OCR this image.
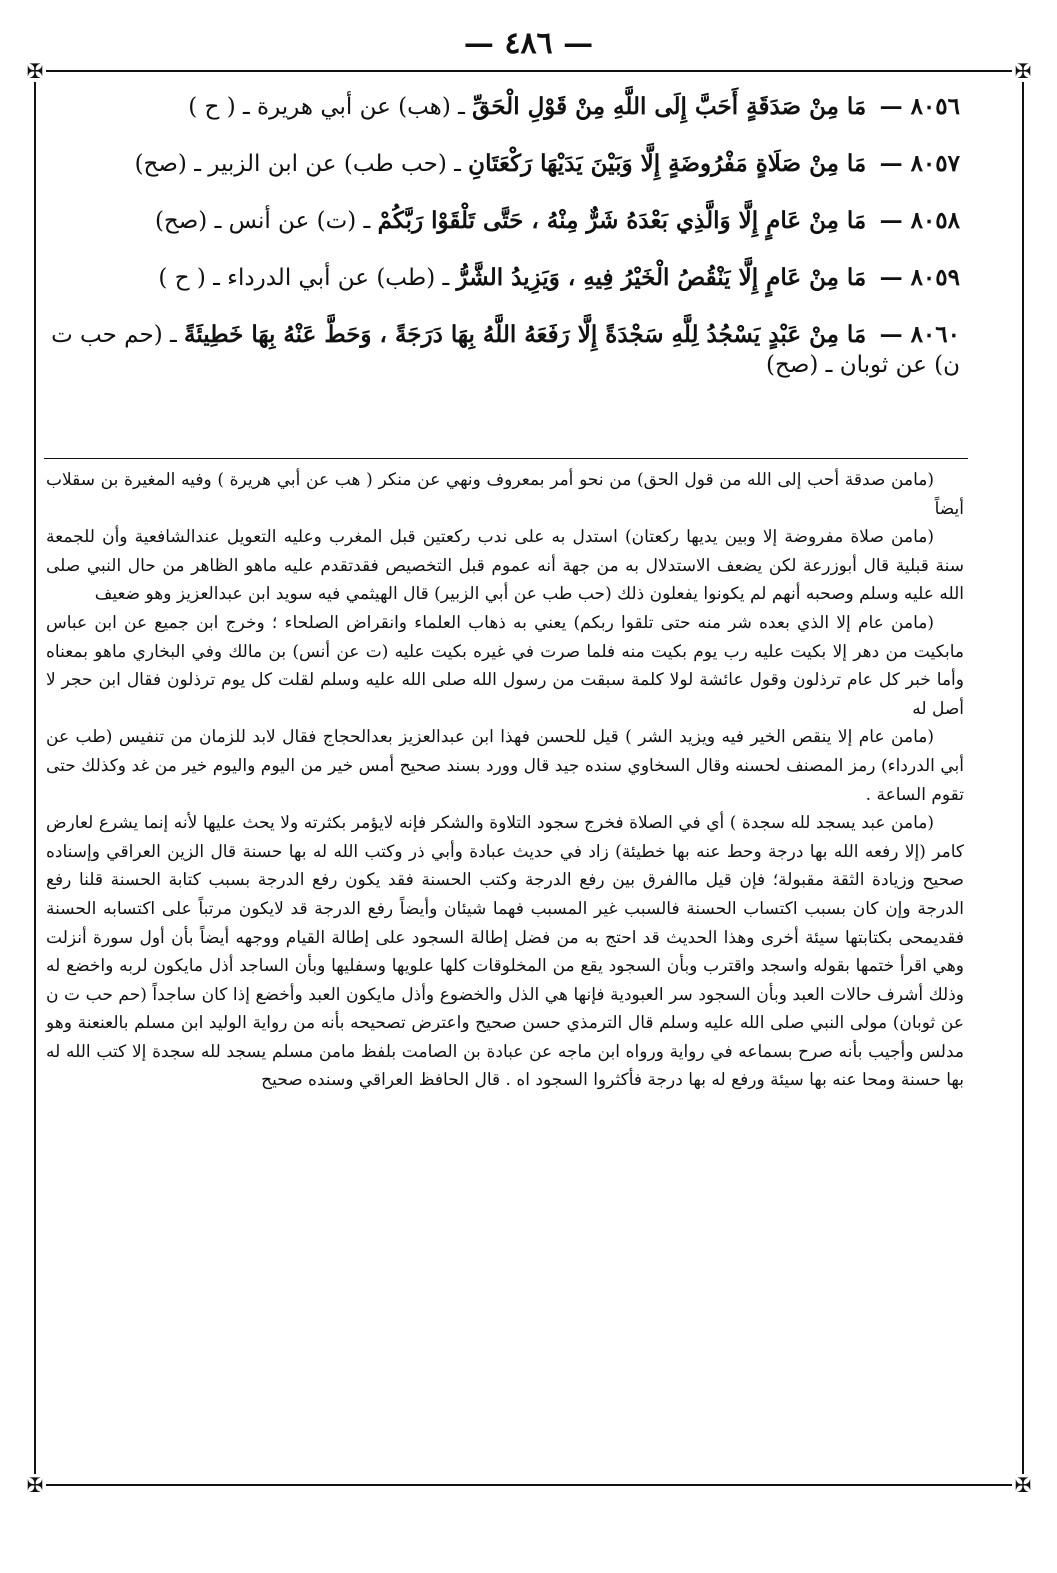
— ٤٨٦ —
✠	✠
✠	✠
٨٠٥٦ — مَا مِنْ صَدَقَةٍ أَحَبَّ إِلَى اللَّهِ مِنْ قَوْلِ الْحَقِّ ـ (هب) عن أبي هريرة ـ ( ح )
٨٠٥٧ — مَا مِنْ صَلَاةٍ مَفْرُوضَةٍ إِلَّا وَبَيْنَ يَدَيْهَا رَكْعَتَانِ ـ (حب طب) عن ابن الزبير ـ (صح)
٨٠٥٨ — مَا مِنْ عَامٍ إِلَّا وَالَّذِي بَعْدَهُ شَرٌّ مِنْهُ ، حَتَّى تَلْقَوْا رَبَّكُمْ ـ (ت) عن أنس ـ (صح)
٨٠٥٩ — مَا مِنْ عَامٍ إِلَّا يَنْقُصُ الْخَيْرُ فِيهِ ، وَيَزِيدُ الشَّرُّ ـ (طب) عن أبي الدرداء ـ ( ح )
٨٠٦٠ — مَا مِنْ عَبْدٍ يَسْجُدُ لِلَّهِ سَجْدَةً إِلَّا رَفَعَهُ اللَّهُ بِهَا دَرَجَةً ، وَحَطَّ عَنْهُ بِهَا خَطِيئَةً ـ (حم حب ت ن) عن ثوبان ـ (صح)

(مامن صدقة أحب إلى الله من قول الحق) من نحو أمر بمعروف ونهي عن منكر ( هب عن أبي هريرة ) وفيه المغيرة بن سقلاب أيضاً

(مامن صلاة مفروضة إلا وبين يديها ركعتان) استدل به على ندب ركعتين قبل المغرب وعليه التعويل عندالشافعية وأن للجمعة سنة قبلية قال أبوزرعة لكن يضعف الاستدلال به من جهة أنه عموم قبل التخصيص فقدتقدم عليه ماهو الظاهر من حال النبي صلى الله عليه وسلم وصحبه أنهم لم يكونوا يفعلون ذلك (حب طب عن أبي الزبير) قال الهيثمي فيه سويد ابن عبدالعزيز وهو ضعيف

(مامن عام إلا الذي بعده شر منه حتى تلقوا ربكم) يعني به ذهاب العلماء وانقراض الصلحاء ؛ وخرج ابن جميع عن ابن عباس مابكيت من دهر إلا بكيت عليه رب يوم بكيت منه فلما صرت في غيره بكيت عليه (ت عن أنس) بن مالك وفي البخاري ماهو بمعناه وأما خبر كل عام ترذلون وقول عائشة لولا كلمة سبقت من رسول الله صلى الله عليه وسلم لقلت كل يوم ترذلون فقال ابن حجر لا أصل له

(مامن عام إلا ينقص الخير فيه ويزيد الشر ) قيل للحسن فهذا ابن عبدالعزيز بعدالحجاج فقال لابد للزمان من تنفيس (طب عن أبي الدرداء) رمز المصنف لحسنه وقال السخاوي سنده جيد قال وورد بسند صحيح أمس خير من اليوم واليوم خير من غد وكذلك حتى تقوم الساعة .

(مامن عبد يسجد لله سجدة ) أي في الصلاة فخرج سجود التلاوة والشكر فإنه لايؤمر بكثرته ولا يحث عليها لأنه إنما يشرع لعارض كامر (إلا رفعه الله بها درجة وحط عنه بها خطيئة) زاد في حديث عبادة وأبي ذر وكتب الله له بها حسنة قال الزين العراقي وإسناده صحيح وزيادة الثقة مقبولة؛ فإن قيل ماالفرق بين رفع الدرجة وكتب الحسنة فقد يكون رفع الدرجة بسبب كتابة الحسنة قلنا رفع الدرجة وإن كان بسبب اكتساب الحسنة فالسبب غير المسبب فهما شيئان وأيضاً رفع الدرجة قد لايكون مرتباً على اكتسابه الحسنة فقديمحى بكتابتها سيئة أخرى وهذا الحديث قد احتج به من فضل إطالة السجود على إطالة القيام ووجهه أيضاً بأن أول سورة أنزلت وهي اقرأ ختمها بقوله واسجد واقترب وبأن السجود يقع من المخلوقات كلها علويها وسفليها وبأن الساجد أذل مايكون لربه واخضع له وذلك أشرف حالات العبد وبأن السجود سر العبودية فإنها هي الذل والخضوع وأذل مايكون العبد وأخضع إذا كان ساجداً (حم حب ت ن عن ثوبان) مولى النبي صلى الله عليه وسلم قال الترمذي حسن صحيح واعترض تصحيحه بأنه من رواية الوليد ابن مسلم بالعنعنة وهو مدلس وأجيب بأنه صرح بسماعه في رواية ورواه ابن ماجه عن عبادة بن الصامت بلفظ مامن مسلم يسجد لله سجدة إلا كتب الله له بها حسنة ومحا عنه بها سيئة ورفع له بها درجة فأكثروا السجود اه . قال الحافظ العراقي وسنده صحيح
